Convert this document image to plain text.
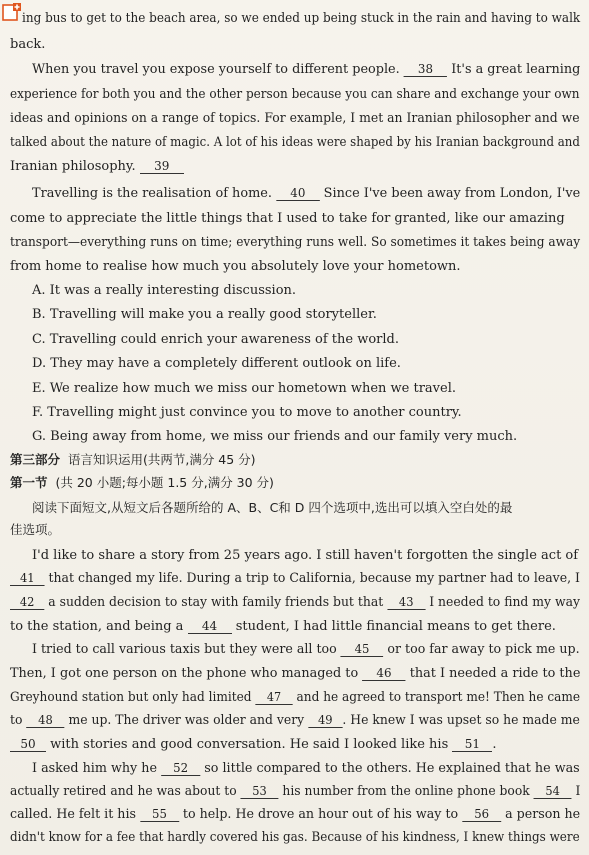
ing bus to get to the beach area, so we ended up being stuck in the rain and having to walk
back.
When you travel you expose yourself to different people. 38 It's a great learning
experience for both you and the other person because you can share and exchange your own
ideas and opinions on a range of topics. For example, I met an Iranian philosopher and we
talked about the nature of magic. A lot of his ideas were shaped by his Iranian background and
Iranian philosophy. 39
Travelling is the realisation of home. 40 Since I've been away from London, I've
come to appreciate the little things that I used to take for granted, like our amazing
transport—everything runs on time; everything runs well. So sometimes it takes being away
from home to realise how much you absolutely love your hometown.
A. It was a really interesting discussion.
B. Travelling will make you a really good storyteller.
C. Travelling could enrich your awareness of the world.
D. They may have a completely different outlook on life.
E. We realize how much we miss our hometown when we travel.
F. Travelling might just convince you to move to another country.
G. Being away from home, we miss our friends and our family very much.
第三部分 语言知识运用(共两节,满分 45 分)
第一节 (共 20 小题;每小题 1.5 分,满分 30 分)
阅读下面短文,从短文后各题所给的 A、B、C和 D 四个选项中,选出可以填入空白处的最
佳选项。
I'd like to share a story from 25 years ago. I still haven't forgotten the single act of
41 that changed my life. During a trip to California, because my partner had to leave, I
42 a sudden decision to stay with family friends but that 43 I needed to find my way
to the station, and being a 44 student, I had little financial means to get there.
I tried to call various taxis but they were all too 45 or too far away to pick me up.
Then, I got one person on the phone who managed to 46 that I needed a ride to the
Greyhound station but only had limited 47 and he agreed to transport me! Then he came
to 48 me up. The driver was older and very 49 . He knew I was upset so he made me
50 with stories and good conversation. He said I looked like his 51 .
I asked him why he 52 so little compared to the others. He explained that he was
actually retired and he was about to 53 his number from the online phone book 54 I
called. He felt it his 55 to help. He drove an hour out of his way to 56 a person he
didn't know for a fee that hardly covered his gas. Because of his kindness, I knew things were
